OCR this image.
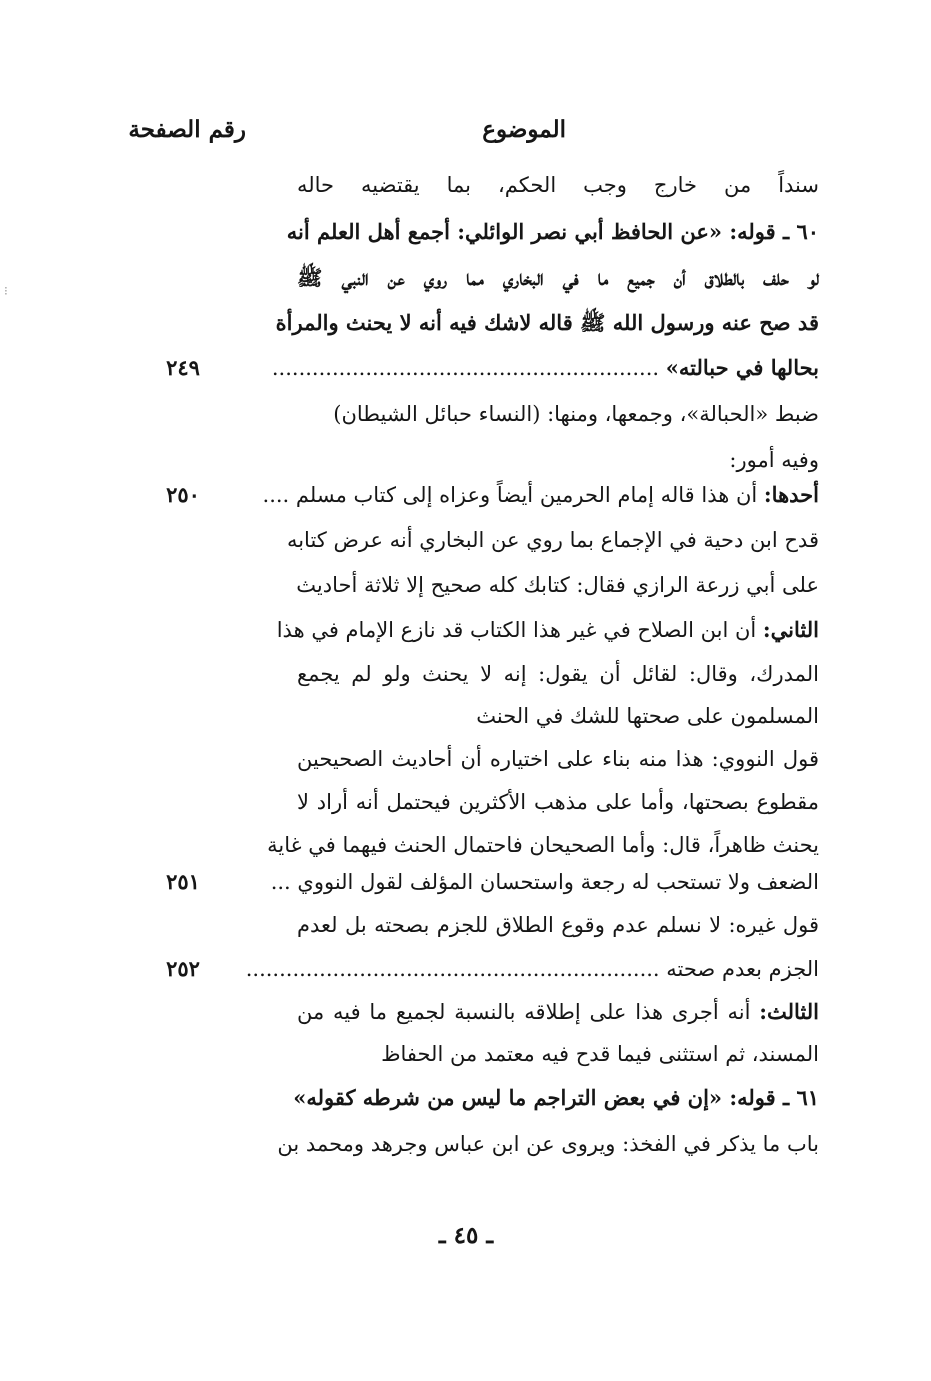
الموضوع
رقم الصفحة
سنداً من خارج وجب الحكم، بما يقتضيه حاله
٦٠ ـ قوله: «عن الحافظ أبي نصر الوائلي: أجمع أهل العلم أنه
لو حلف بالطلاق أن جميع ما في البخاري مما روي عن النبي ﷺ
قد صح عنه ورسول الله ﷺ قاله لاشك فيه أنه لا يحنث والمرأة
بحالها في حبالته» ..........................................................
٢٤٩
ضبط «الحبالة»، وجمعها، ومنها: (النساء حبائل الشيطان)
وفيه أمور:
أحدها: أن هذا قاله إمام الحرمين أيضاً وعزاه إلى كتاب مسلم ....
٢٥٠
قدح ابن دحية في الإجماع بما روي عن البخاري أنه عرض كتابه
على أبي زرعة الرازي فقال: كتابك كله صحيح إلا ثلاثة أحاديث
الثاني: أن ابن الصلاح في غير هذا الكتاب قد نازع الإمام في هذا
المدرك، وقال: لقائل أن يقول: إنه لا يحنث ولو لم يجمع
المسلمون على صحتها للشك في الحنث
قول النووي: هذا منه بناء على اختياره أن أحاديث الصحيحين
مقطوع بصحتها، وأما على مذهب الأكثرين فيحتمل أنه أراد لا
يحنث ظاهراً، قال: وأما الصحيحان فاحتمال الحنث فيهما في غاية
الضعف ولا تستحب له رجعة واستحسان المؤلف لقول النووي ...
٢٥١
قول غيره: لا نسلم عدم وقوع الطلاق للجزم بصحته بل لعدم
الجزم بعدم صحته ..............................................................
٢٥٢
الثالث: أنه أجرى هذا على إطلاقه بالنسبة لجميع ما فيه من
المسند، ثم استثنى فيما قدح فيه معتمد من الحفاظ
٦١ ـ قوله: «إن في بعض التراجم ما ليس من شرطه كقوله»
باب ما يذكر في الفخذ: ويروى عن ابن عباس وجرهد ومحمد بن
ـ ٤٥ ـ
⁝
